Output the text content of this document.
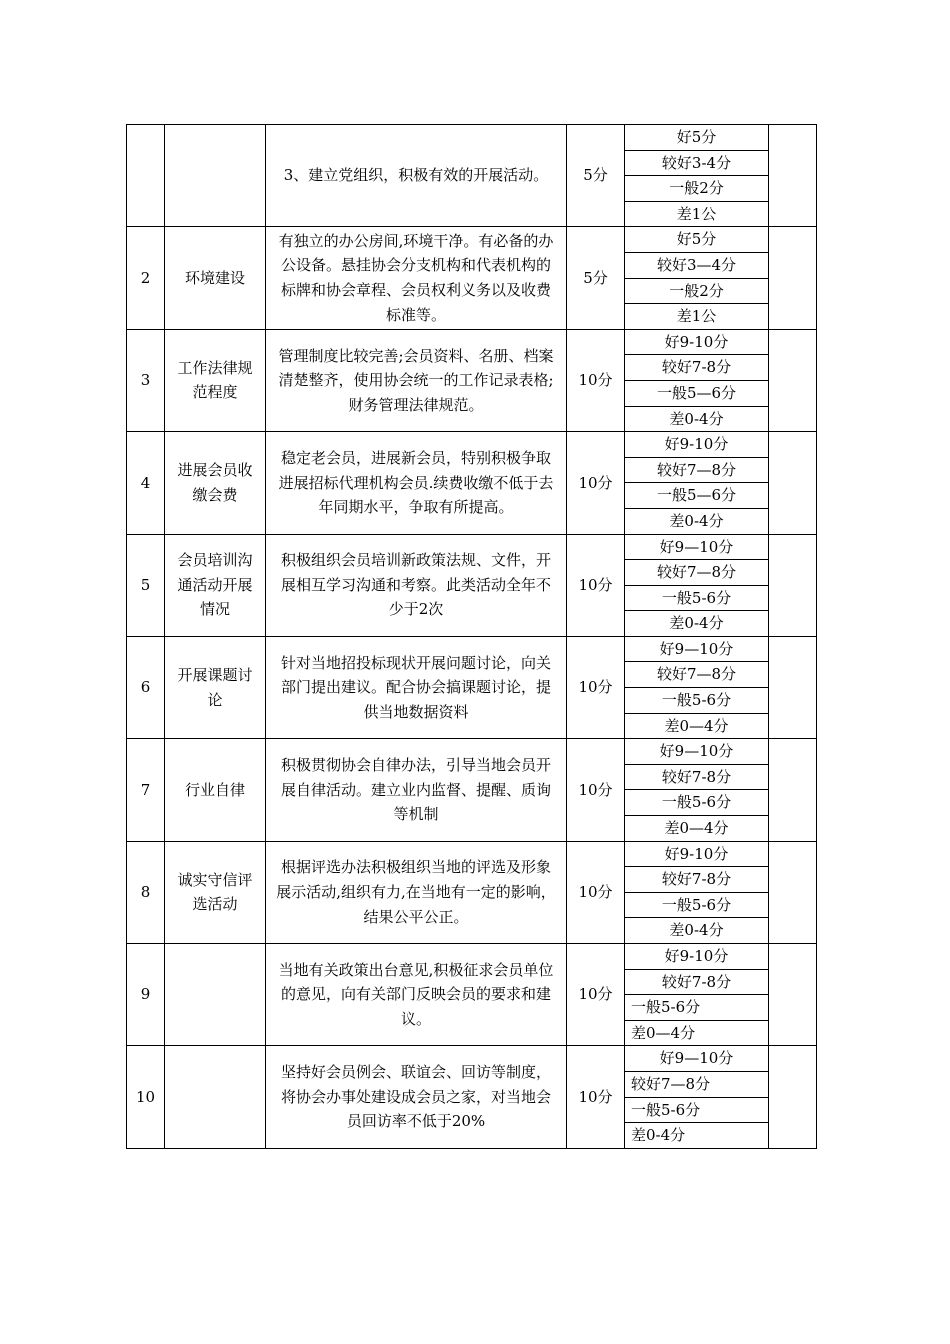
		3、建立党组织，积极有效的开展活动。	5分	好5分	
				较好3-4分	
				一般2分	
				差1公	
2	环境建设	有独立的办公房间,环境干净。有必备的办公设备。悬挂协会分支机构和代表机构的标牌和协会章程、会员权利义务以及收费标准等。	5分	好5分	
				较好3—4分	
				一般2分	
				差1公	
3	工作法律规范程度	管理制度比较完善;会员资料、名册、档案清楚整齐，使用协会统一的工作记录表格;财务管理法律规范。	10分	好9-10分	
				较好7-8分	
				一般5—6分	
				差0-4分	
4	进展会员收缴会费	稳定老会员，进展新会员，特别积极争取进展招标代理机构会员.续费收缴不低于去年同期水平，争取有所提高。	10分	好9-10分	
				较好7—8分	
				一般5—6分	
				差0-4分	
5	会员培训沟通活动开展情况	积极组织会员培训新政策法规、文件，开展相互学习沟通和考察。此类活动全年不少于2次	10分	好9—10分	
				较好7—8分	
				一般5-6分	
				差0-4分	
6	开展课题讨论	针对当地招投标现状开展问题讨论，向关部门提出建议。配合协会搞课题讨论，提供当地数据资料	10分	好9—10分	
				较好7—8分	
				一般5-6分	
				差0—4分	
7	行业自律	积极贯彻协会自律办法，引导当地会员开展自律活动。建立业内监督、提醒、质询等机制	10分	好9—10分	
				较好7-8分	
				一般5-6分	
				差0—4分	
8	诚实守信评选活动	根据评选办法积极组织当地的评选及形象展示活动,组织有力,在当地有一定的影响，结果公平公正。	10分	好9-10分	
				较好7-8分	
				一般5-6分	
				差0-4分	
9		当地有关政策出台意见,积极征求会员单位的意见，向有关部门反映会员的要求和建议。	10分	好9-10分	
				较好7-8分	
				一般5-6分	
				差0—4分	
10		坚持好会员例会、联谊会、回访等制度，将协会办事处建设成会员之家，对当地会员回访率不低于20%	10分	好9—10分	
				较好7—8分	
				一般5-6分	
				差0-4分	
